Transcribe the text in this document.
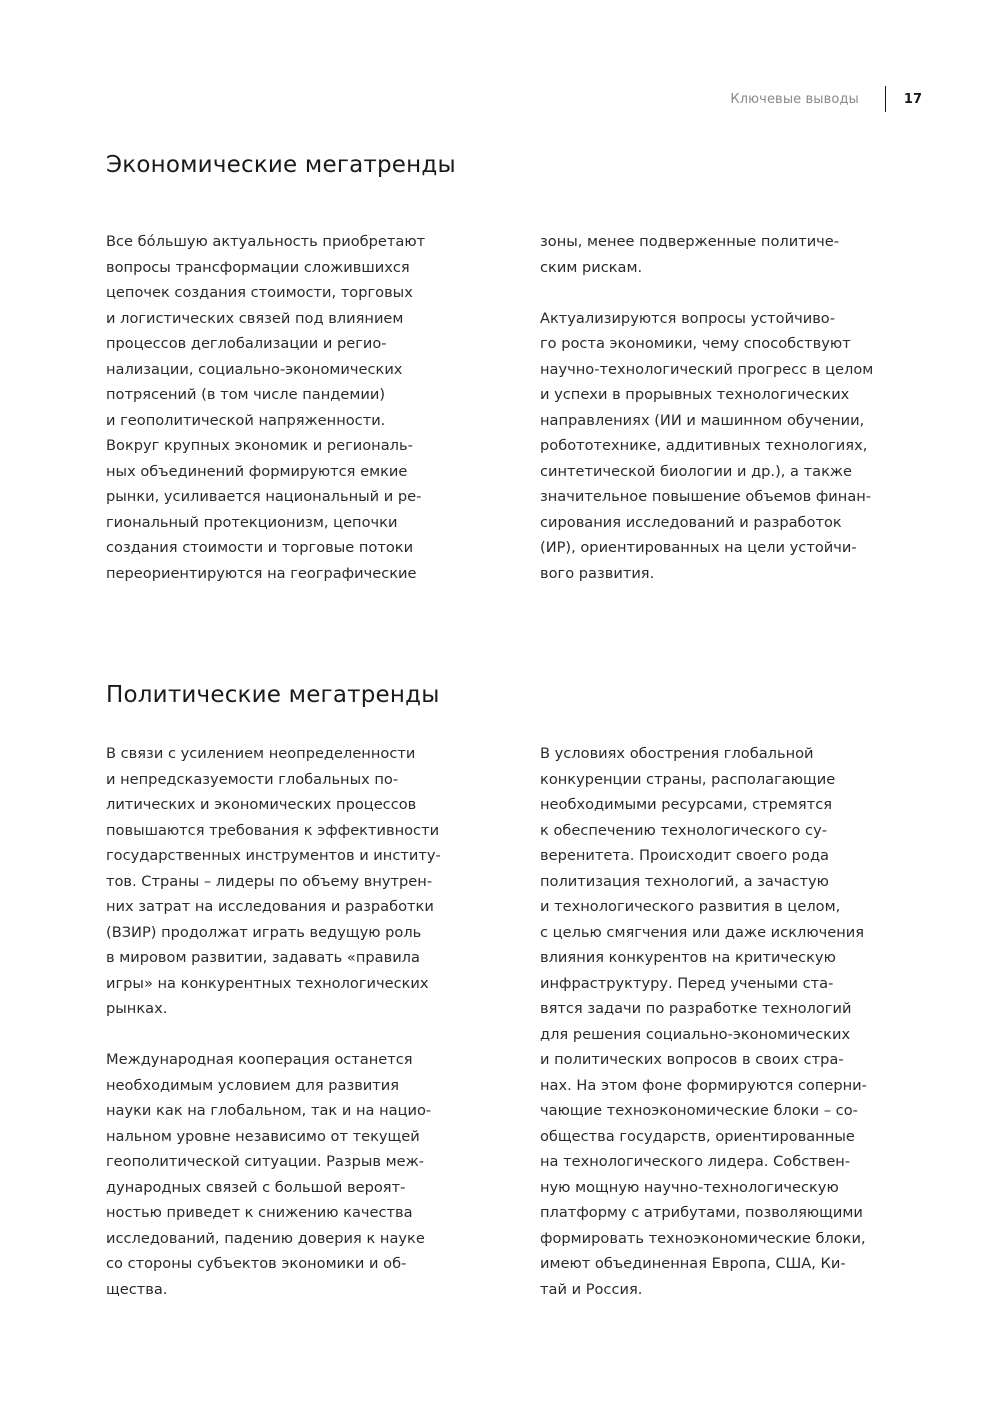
Ключевые выводы	17
Экономические мегатренды

Все бóльшую актуальность приобретают
вопросы трансформации сложившихся
цепочек создания стоимости, торговых
и логистических связей под влиянием
процессов деглобализации и регио-
нализации, социально-экономических
потрясений (в том числе пандемии)
и геополитической напряженности.
Вокруг крупных экономик и региональ-
ных объединений формируются емкие
рынки, усиливается национальный и ре-
гиональный протекционизм, цепочки
создания стоимости и торговые потоки
переориентируются на географические

зоны, менее подверженные политиче-
ским рискам.

Актуализируются вопросы устойчиво-
го роста экономики, чему способствуют
научно-технологический прогресс в целом
и успехи в прорывных технологических
направлениях (ИИ и машинном обучении,
робототехнике, аддитивных технологиях,
синтетической биологии и др.), а также
значительное повышение объемов финан-
сирования исследований и разработок
(ИР), ориентированных на цели устойчи-
вого развития.

Политические мегатренды

В связи с усилением неопределенности
и непредсказуемости глобальных по-
литических и экономических процессов
повышаются требования к эффективности
государственных инструментов и институ-
тов. Страны – лидеры по объему внутрен-
них затрат на исследования и разработки
(ВЗИР) продолжат играть ведущую роль
в мировом развитии, задавать «правила
игры» на конкурентных технологических
рынках.

Международная кооперация останется
необходимым условием для развития
науки как на глобальном, так и на нацио-
нальном уровне независимо от текущей
геополитической ситуации. Разрыв меж-
дународных связей с большой вероят-
ностью приведет к снижению качества
исследований, падению доверия к науке
со стороны субъектов экономики и об-
щества.

В условиях обострения глобальной
конкуренции страны, располагающие
необходимыми ресурсами, стремятся
к обеспечению технологического су-
веренитета. Происходит своего рода
политизация технологий, а зачастую
и технологического развития в целом,
с целью смягчения или даже исключения
влияния конкурентов на критическую
инфраструктуру. Перед учеными ста-
вятся задачи по разработке технологий
для решения социально-экономических
и политических вопросов в своих стра-
нах. На этом фоне формируются соперни-
чающие техноэкономические блоки – со-
общества государств, ориентированные
на технологического лидера. Собствен-
ную мощную научно-технологическую
платформу с атрибутами, позволяющими
формировать техноэкономические блоки,
имеют объединенная Европа, США, Ки-
тай и Россия.
